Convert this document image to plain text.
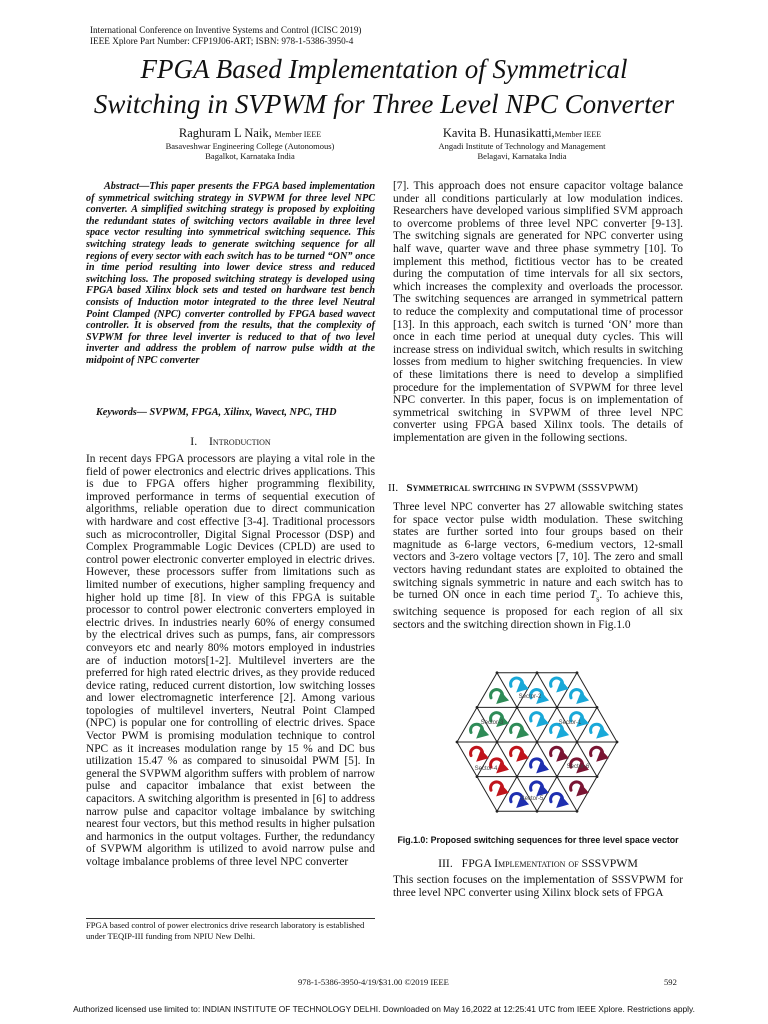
International Conference on Inventive Systems and Control (ICISC 2019)
IEEE Xplore Part Number: CFP19J06-ART; ISBN: 978-1-5386-3950-4
FPGA Based Implementation of Symmetrical
Switching in SVPWM for Three Level NPC Converter
Raghuram L Naik, Member IEEE
Basaveshwar Engineering College (Autonomous)
Bagalkot, Karnataka India
Kavita B. Hunasikatti,Member IEEE
Angadi Institute of Technology and Management
Belagavi, Karnataka India
Abstract—This paper presents the FPGA based implementation of symmetrical switching strategy in SVPWM for three level NPC converter. A simplified switching strategy is proposed by exploiting the redundant states of switching vectors available in three level space vector resulting into symmetrical switching sequence. This switching strategy leads to generate switching sequence for all regions of every sector with each switch has to be turned “ON” once in time period resulting into lower device stress and reduced switching loss. The proposed switching strategy is developed using FPGA based Xilinx block sets and tested on hardware test bench consists of Induction motor integrated to the three level Neutral Point Clamped (NPC) converter controlled by FPGA based wavect controller. It is observed from the results, that the complexity of SVPWM for three level inverter is reduced to that of two level inverter and address the problem of narrow pulse width at the midpoint of NPC converter
Keywords— SVPWM, FPGA, Xilinx, Wavect, NPC, THD
I. Introduction
In recent days FPGA processors are playing a vital role in the field of power electronics and electric drives applications. This is due to FPGA offers higher programming flexibility, improved performance in terms of sequential execution of algorithms, reliable operation due to direct communication with hardware and cost effective [3-4]. Traditional processors such as microcontroller, Digital Signal Processor (DSP) and Complex Programmable Logic Devices (CPLD) are used to control power electronic converter employed in electric drives. However, these processors suffer from limitations such as limited number of executions, higher sampling frequency and higher hold up time [8]. In view of this FPGA is suitable processor to control power electronic converters employed in electric drives. In industries nearly 60% of energy consumed by the electrical drives such as pumps, fans, air compressors conveyors etc and nearly 80% motors employed in industries are of induction motors[1-2]. Multilevel inverters are the preferred for high rated electric drives, as they provide reduced device rating, reduced current distortion, low switching losses and lower electromagnetic interference [2]. Among various topologies of multilevel inverters, Neutral Point Clamped (NPC) is popular one for controlling of electric drives. Space Vector PWM is promising modulation technique to control NPC as it increases modulation range by 15 % and DC bus utilization 15.47 % as compared to sinusoidal PWM [5]. In general the SVPWM algorithm suffers with problem of narrow pulse and capacitor imbalance that exist between the capacitors. A switching algorithm is presented in [6] to address narrow pulse and capacitor voltage imbalance by switching nearest four vectors, but this method results in higher pulsation and harmonics in the output voltages. Further, the redundancy of SVPWM algorithm is utilized to avoid narrow pulse and voltage imbalance problems of three level NPC converter
FPGA based control of power electronics drive research laboratory is established under TEQIP-III funding from NPIU New Delhi.
[7]. This approach does not ensure capacitor voltage balance under all conditions particularly at low modulation indices. Researchers have developed various simplified SVM approach to overcome problems of three level NPC converter [9-13]. The switching signals are generated for NPC converter using half wave, quarter wave and three phase symmetry [10]. To implement this method, fictitious vector has to be created during the computation of time intervals for all six sectors, which increases the complexity and overloads the processor. The switching sequences are arranged in symmetrical pattern to reduce the complexity and computational time of processor [13]. In this approach, each switch is turned ‘ON’ more than once in each time period at unequal duty cycles. This will increase stress on individual switch, which results in switching losses from medium to higher switching frequencies. In view of these limitations there is need to develop a simplified procedure for the implementation of SVPWM for three level NPC converter. In this paper, focus is on implementation of symmetrical switching in SVPWM of three level NPC converter using FPGA based Xilinx tools. The details of implementation are given in the following sections.
II. Symmetrical switching in SVPWM (SSSVPWM)
Three level NPC converter has 27 allowable switching states for space vector pulse width modulation. These switching states are further sorted into four groups based on their magnitude as 6-large vectors, 6-medium vectors, 12-small vectors and 3-zero voltage vectors [7, 10]. The zero and small vectors having redundant states are exploited to obtained the switching signals symmetric in nature and each switch has to be turned ON once in each time period $T_s$. To achieve this, switching sequence is proposed for each region of all six sectors and the switching direction shown in Fig.1.0
Sector-1
Sector-2
Sector-3
Sector-4
Sector-5
Sector-6
Fig.1.0: Proposed switching sequences for three level space vector
III. FPGA Implementation of SSSVPWM
This section focuses on the implementation of SSSVPWM for three level NPC converter using Xilinx block sets of FPGA
978-1-5386-3950-4/19/$31.00 ©2019 IEEE	592
Authorized licensed use limited to: INDIAN INSTITUTE OF TECHNOLOGY DELHI. Downloaded on May 16,2022 at 12:25:41 UTC from IEEE Xplore. Restrictions apply.
